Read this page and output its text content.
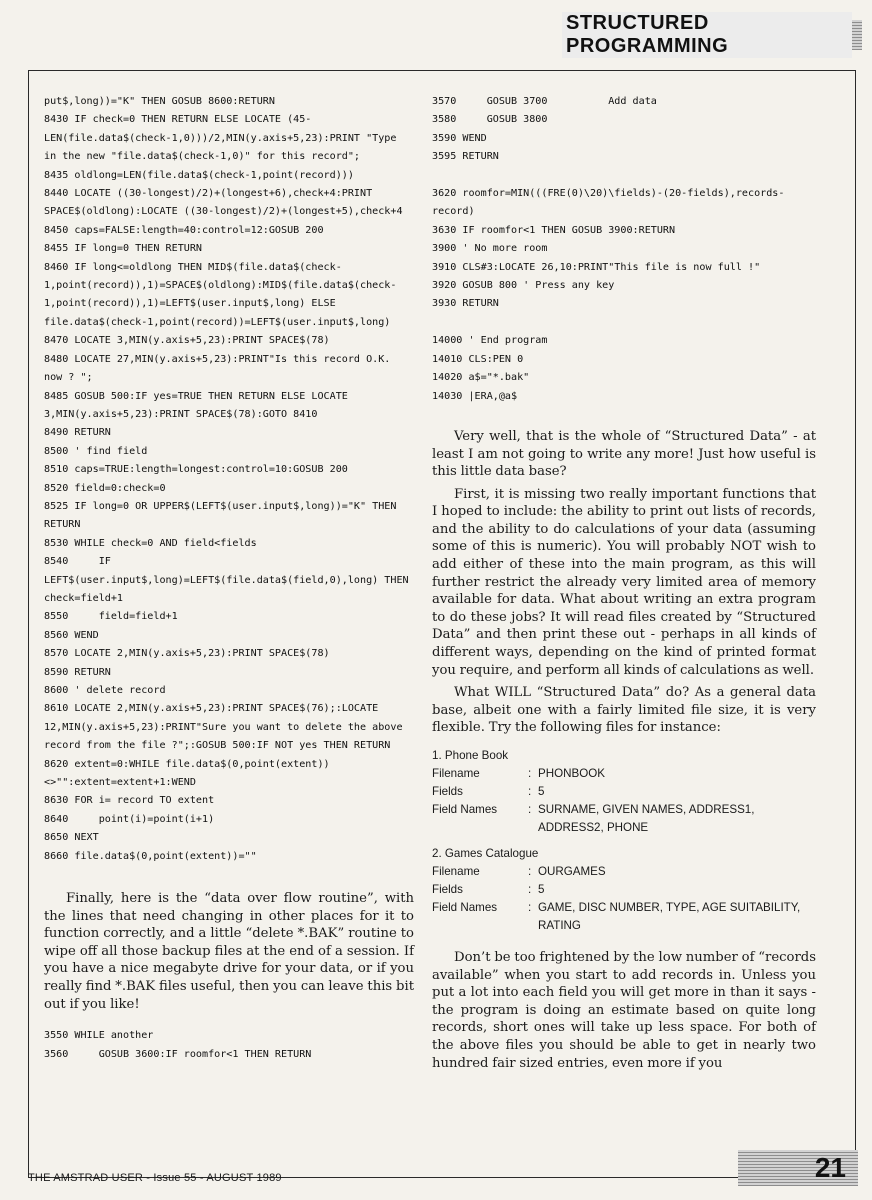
STRUCTURED PROGRAMMING
put$,long))="K" THEN GOSUB 8600:RETURN
8430 IF check=0 THEN RETURN ELSE LOCATE (45-LEN(file.data$(check-1,0)))/2,MIN(y.axis+5,23):PRINT "Type in the new "file.data$(check-1,0)" for this record";
8435 oldlong=LEN(file.data$(check-1,point(record)))
8440 LOCATE ((30-longest)/2)+(longest+6),check+4:PRINT SPACE$(oldlong):LOCATE ((30-longest)/2)+(longest+5),check+4
8450 caps=FALSE:length=40:control=12:GOSUB 200
8455 IF long=0 THEN RETURN
8460 IF long<=oldlong THEN MID$(file.data$(check-1,point(record)),1)=SPACE$(oldlong):MID$(file.data$(check-1,point(record)),1)=LEFT$(user.input$,long) ELSE file.data$(check-1,point(record))=LEFT$(user.input$,long)
8470 LOCATE 3,MIN(y.axis+5,23):PRINT SPACE$(78)
8480 LOCATE 27,MIN(y.axis+5,23):PRINT"Is this record O.K. now ? ";
8485 GOSUB 500:IF yes=TRUE THEN RETURN ELSE LOCATE 3,MIN(y.axis+5,23):PRINT SPACE$(78):GOTO 8410
8490 RETURN
8500 ' find field
8510 caps=TRUE:length=longest:control=10:GOSUB 200
8520 field=0:check=0
8525 IF long=0 OR UPPER$(LEFT$(user.input$,long))="K" THEN RETURN
8530 WHILE check=0 AND field<fields
8540     IF LEFT$(user.input$,long)=LEFT$(file.data$(field,0),long) THEN check=field+1
8550     field=field+1
8560 WEND
8570 LOCATE 2,MIN(y.axis+5,23):PRINT SPACE$(78)
8590 RETURN
8600 ' delete record
8610 LOCATE 2,MIN(y.axis+5,23):PRINT SPACE$(76);:LOCATE 12,MIN(y.axis+5,23):PRINT"Sure you want to delete the above record from the file ?";:GOSUB 500:IF NOT yes THEN RETURN
8620 extent=0:WHILE file.data$(0,point(extent))<>"":extent=extent+1:WEND
8630 FOR i= record TO extent
8640     point(i)=point(i+1)
8650 NEXT
8660 file.data$(0,point(extent))=""

Finally, here is the “data over flow routine”, with the lines that need changing in other places for it to function correctly, and a little “delete *.BAK” routine to wipe off all those backup files at the end of a session. If you have a nice megabyte drive for your data, or if you really find *.BAK files useful, then you can leave this bit out if you like!

3550 WHILE another
3560     GOSUB 3600:IF roomfor<1 THEN RETURN
3570     GOSUB 3700          Add data
3580     GOSUB 3800
3590 WEND
3595 RETURN

3620 roomfor=MIN(((FRE(0)\20)\fields)-(20-fields),records-record)
3630 IF roomfor<1 THEN GOSUB 3900:RETURN
3900 ' No more room
3910 CLS#3:LOCATE 26,10:PRINT"This file is now full !"
3920 GOSUB 800 ' Press any key
3930 RETURN

14000 ' End program
14010 CLS:PEN 0
14020 a$="*.bak"
14030 |ERA,@a$

Very well, that is the whole of “Structured Data” - at least I am not going to write any more! Just how useful is this little data base?

First, it is missing two really important functions that I hoped to include: the ability to print out lists of records, and the ability to do calculations of your data (assuming some of this is numeric). You will probably NOT wish to add either of these into the main program, as this will further restrict the already very limited area of memory available for data. What about writing an extra program to do these jobs? It will read files created by “Structured Data” and then print these out - perhaps in all kinds of different ways, depending on the kind of printed format you require, and perform all kinds of calculations as well.

What WILL “Structured Data” do? As a general data base, albeit one with a fairly limited file size, it is very flexible. Try the following files for instance:

1. Phone Book
Filename	: PHONBOOK
Fields	: 5
Field Names	: SURNAME, GIVEN NAMES, ADDRESS1, ADDRESS2, PHONE
2. Games Catalogue
Filename	: OURGAMES
Fields	: 5
Field Names	: GAME, DISC NUMBER, TYPE, AGE SUITABILITY, RATING

Don’t be too frightened by the low number of “records available” when you start to add records in. Unless you put a lot into each field you will get more in than it says - the program is doing an estimate based on quite long records, short ones will take up less space. For both of the above files you should be able to get in nearly two hundred fair sized entries, even more if you

THE AMSTRAD USER - Issue 55 - AUGUST 1989	21
